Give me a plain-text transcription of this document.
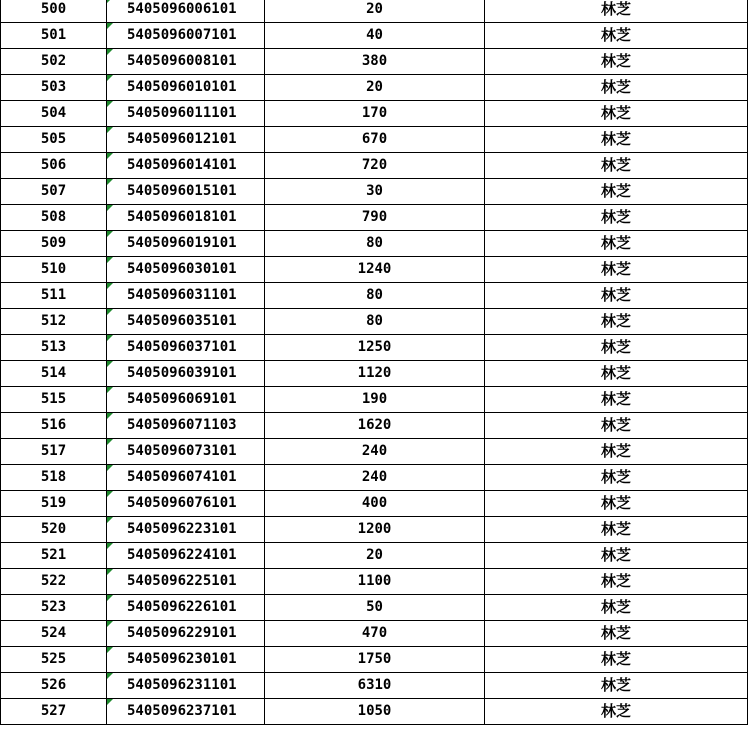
500	5405096006101	20	林芝
501	5405096007101	40	林芝
502	5405096008101	380	林芝
503	5405096010101	20	林芝
504	5405096011101	170	林芝
505	5405096012101	670	林芝
506	5405096014101	720	林芝
507	5405096015101	30	林芝
508	5405096018101	790	林芝
509	5405096019101	80	林芝
510	5405096030101	1240	林芝
511	5405096031101	80	林芝
512	5405096035101	80	林芝
513	5405096037101	1250	林芝
514	5405096039101	1120	林芝
515	5405096069101	190	林芝
516	5405096071103	1620	林芝
517	5405096073101	240	林芝
518	5405096074101	240	林芝
519	5405096076101	400	林芝
520	5405096223101	1200	林芝
521	5405096224101	20	林芝
522	5405096225101	1100	林芝
523	5405096226101	50	林芝
524	5405096229101	470	林芝
525	5405096230101	1750	林芝
526	5405096231101	6310	林芝
527	5405096237101	1050	林芝
